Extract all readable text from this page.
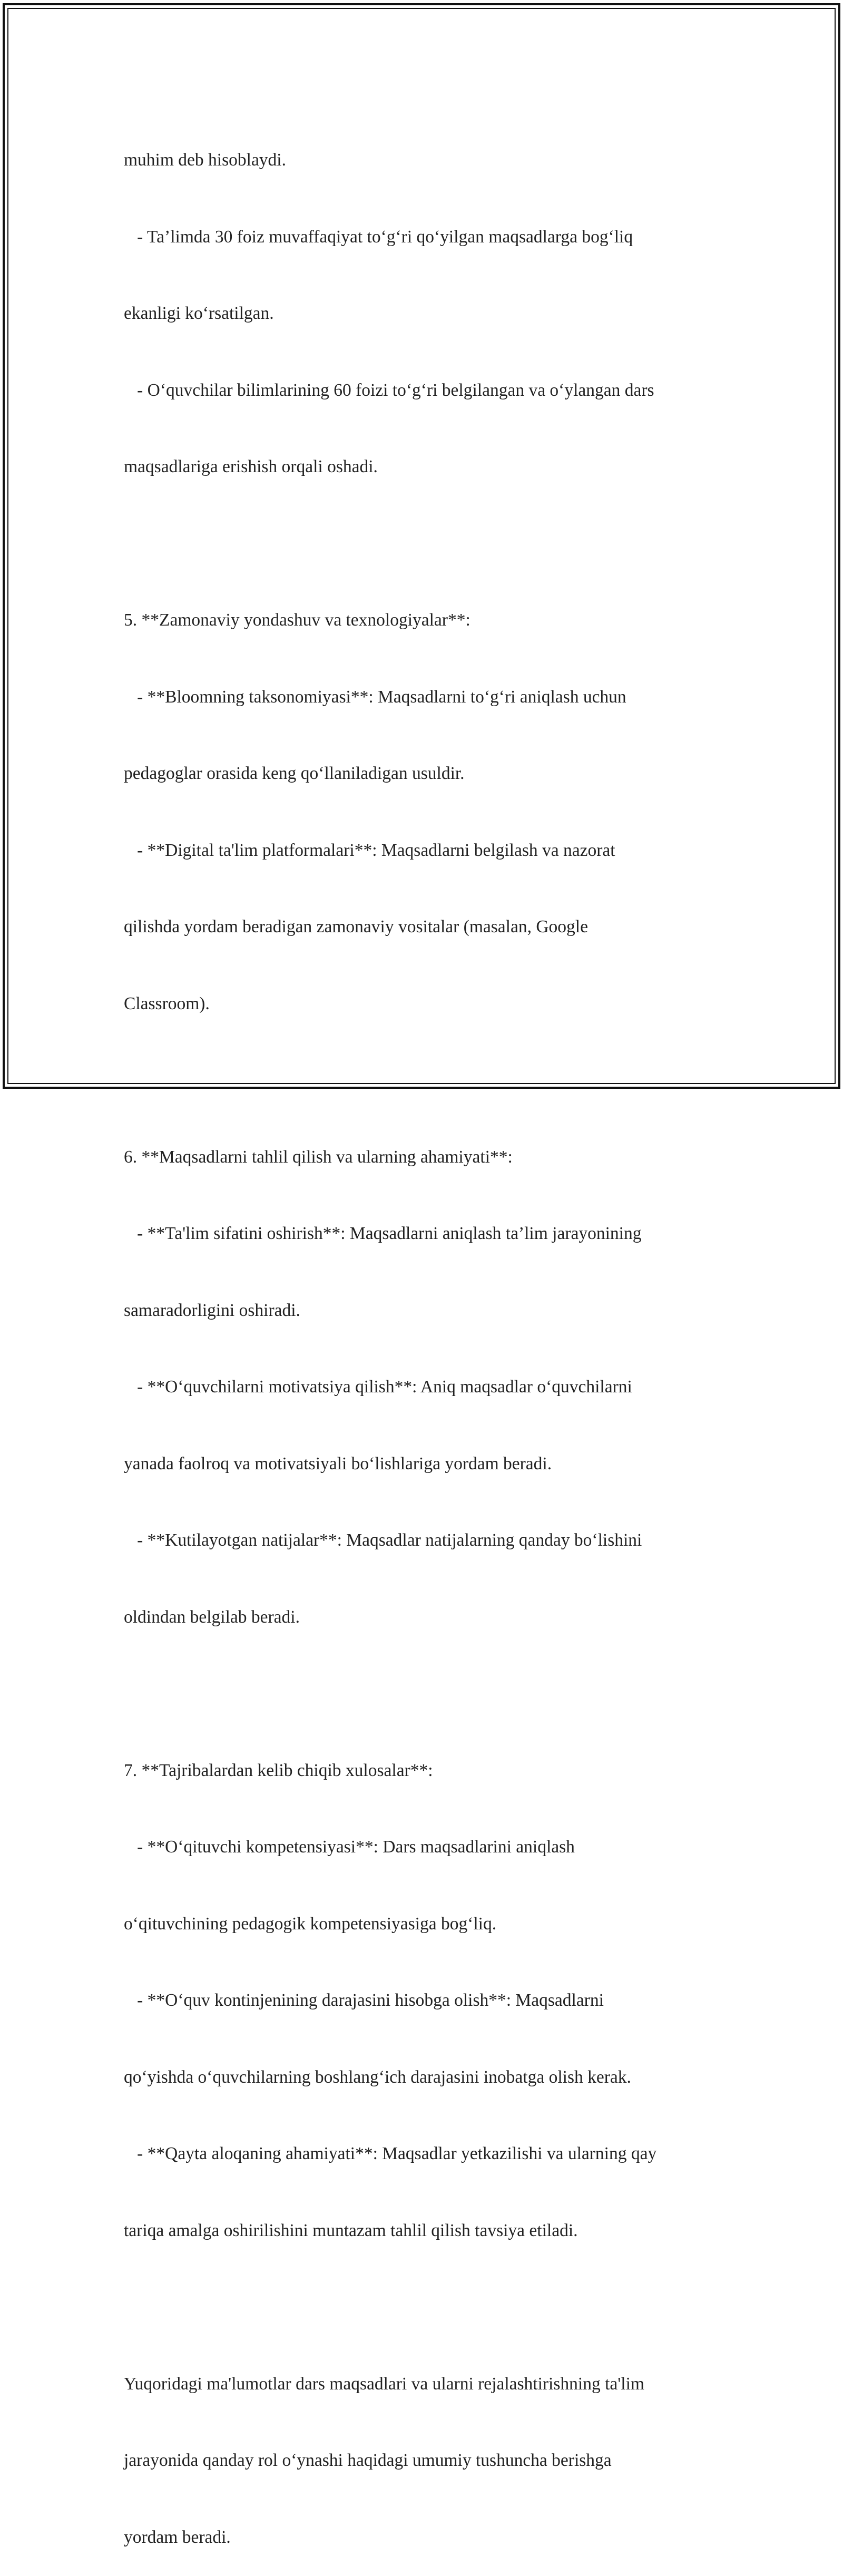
muhim deb hisoblaydi.

- Ta’limda 30 foiz muvaffaqiyat to‘g‘ri qo‘yilgan maqsadlarga bog‘liq

ekanligi ko‘rsatilgan.

- O‘quvchilar bilimlarining 60 foizi to‘g‘ri belgilangan va o‘ylangan dars

maqsadlariga erishish orqali oshadi.

5. **Zamonaviy yondashuv va texnologiyalar**:

- **Bloomning taksonomiyasi**: Maqsadlarni to‘g‘ri aniqlash uchun

pedagoglar orasida keng qo‘llaniladigan usuldir.

- **Digital ta'lim platformalari**: Maqsadlarni belgilash va nazorat

qilishda yordam beradigan zamonaviy vositalar (masalan, Google

Classroom).

6. **Maqsadlarni tahlil qilish va ularning ahamiyati**:

- **Ta'lim sifatini oshirish**: Maqsadlarni aniqlash ta’lim jarayonining

samaradorligini oshiradi.

- **O‘quvchilarni motivatsiya qilish**: Aniq maqsadlar o‘quvchilarni

yanada faolroq va motivatsiyali bo‘lishlariga yordam beradi.

- **Kutilayotgan natijalar**: Maqsadlar natijalarning qanday bo‘lishini

oldindan belgilab beradi.

7. **Tajribalardan kelib chiqib xulosalar**:

- **O‘qituvchi kompetensiyasi**: Dars maqsadlarini aniqlash

o‘qituvchining pedagogik kompetensiyasiga bog‘liq.

- **O‘quv kontinjenining darajasini hisobga olish**: Maqsadlarni

qo‘yishda o‘quvchilarning boshlang‘ich darajasini inobatga olish kerak.

- **Qayta aloqaning ahamiyati**: Maqsadlar yetkazilishi va ularning qay

tariqa amalga oshirilishini muntazam tahlil qilish tavsiya etiladi.

Yuqoridagi ma'lumotlar dars maqsadlari va ularni rejalashtirishning ta'lim

jarayonida qanday rol o‘ynashi haqidagi umumiy tushuncha berishga

yordam beradi.
